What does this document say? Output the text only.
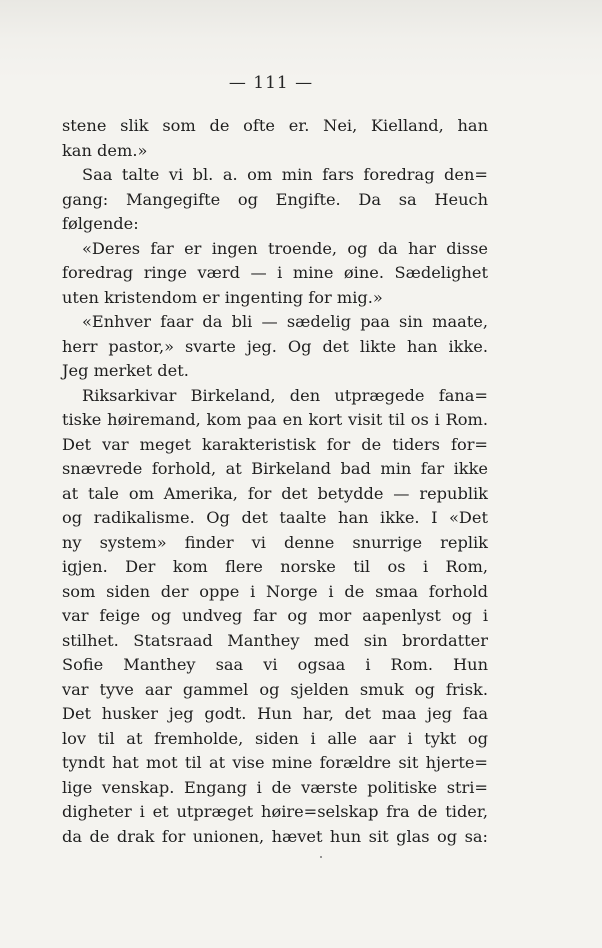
— 111 —
stene slik som de ofte er. Nei, Kielland, han
kan dem.»
Saa talte vi bl. a. om min fars foredrag den=
gang: Mangegifte og Engifte. Da sa Heuch
følgende:
«Deres far er ingen troende, og da har disse
foredrag ringe værd — i mine øine. Sædelighet
uten kristendom er ingenting for mig.»
«Enhver faar da bli — sædelig paa sin maate,
herr pastor,» svarte jeg. Og det likte han ikke.
Jeg merket det.
Riksarkivar Birkeland, den utprægede fana=
tiske høiremand, kom paa en kort visit til os i Rom.
Det var meget karakteristisk for de tiders for=
snævrede forhold, at Birkeland bad min far ikke
at tale om Amerika, for det betydde — republik
og radikalisme. Og det taalte han ikke. I «Det
ny system» finder vi denne snurrige replik
igjen. Der kom flere norske til os i Rom,
som siden der oppe i Norge i de smaa forhold
var feige og undveg far og mor aapenlyst og i
stilhet. Statsraad Manthey med sin brordatter
Sofie Manthey saa vi ogsaa i Rom. Hun
var tyve aar gammel og sjelden smuk og frisk.
Det husker jeg godt. Hun har, det maa jeg faa
lov til at fremholde, siden i alle aar i tykt og
tyndt hat mot til at vise mine forældre sit hjerte=
lige venskap. Engang i de værste politiske stri=
digheter i et utpræget høire=selskap fra de tider,
da de drak for unionen, hævet hun sit glas og sa:
